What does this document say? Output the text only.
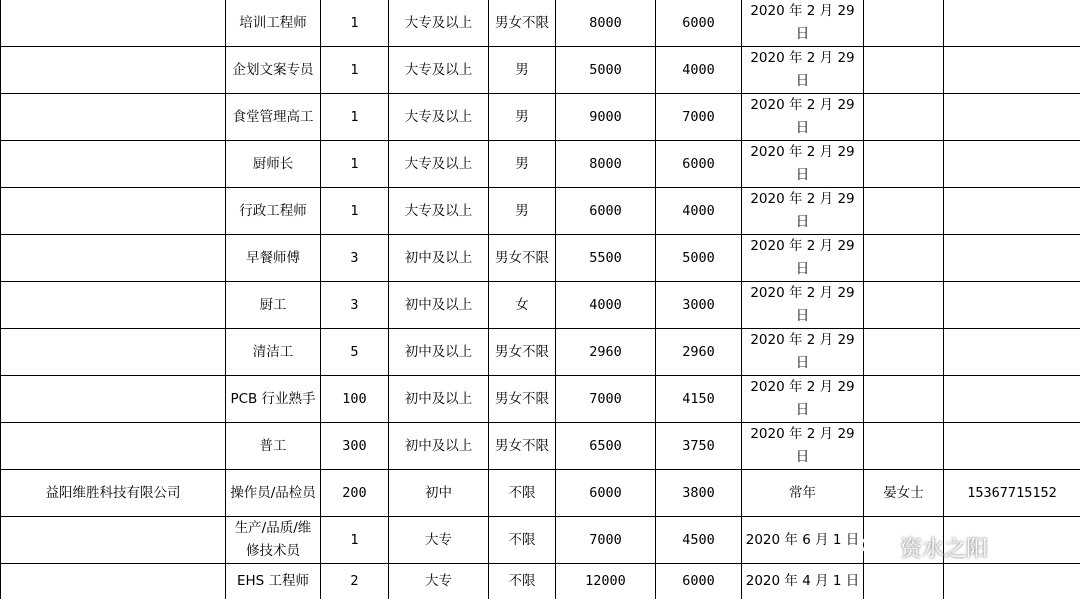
	培训工程师	1	大专及以上	男女不限	8000	6000	2020 年 2 月 29 日		
	企划文案专员	1	大专及以上	男	5000	4000	2020 年 2 月 29 日		
	食堂管理高工	1	大专及以上	男	9000	7000	2020 年 2 月 29 日		
	厨师长	1	大专及以上	男	8000	6000	2020 年 2 月 29 日		
	行政工程师	1	大专及以上	男	6000	4000	2020 年 2 月 29 日		
	早餐师傅	3	初中及以上	男女不限	5500	5000	2020 年 2 月 29 日		
	厨工	3	初中及以上	女	4000	3000	2020 年 2 月 29 日		
	清洁工	5	初中及以上	男女不限	2960	2960	2020 年 2 月 29 日		
	PCB 行业熟手	100	初中及以上	男女不限	7000	4150	2020 年 2 月 29 日		
	普工	300	初中及以上	男女不限	6500	3750	2020 年 2 月 29 日		
益阳维胜科技有限公司	操作员/品检员	200	初中	不限	6000	3800	常年	晏女士	15367715152
	生产/品质/维修技术员	1	大专	不限	7000	4500	2020 年 6 月 1 日		
	EHS 工程师	2	大专	不限	12000	6000	2020 年 4 月 1 日		
资水之阳
